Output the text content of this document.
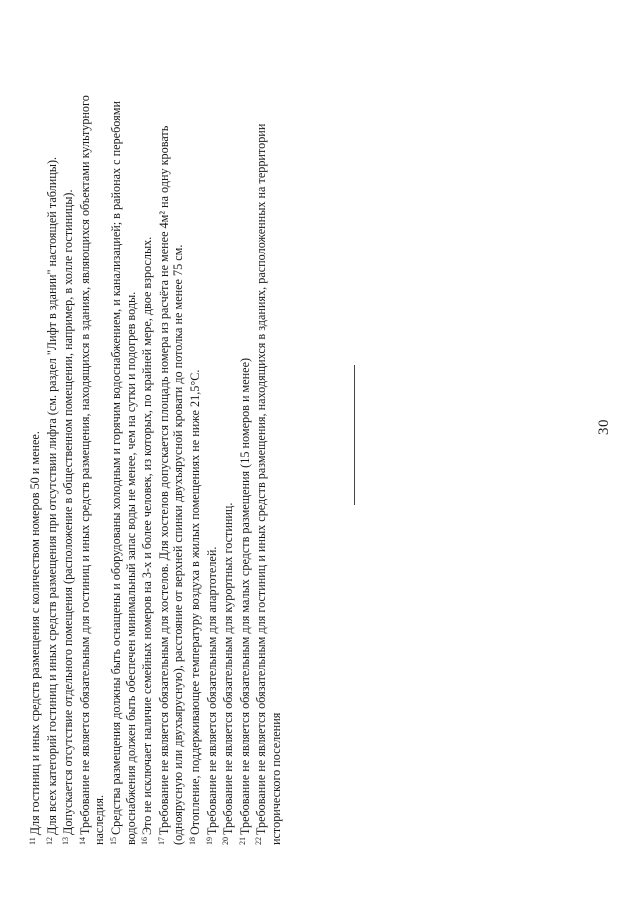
30

$^{11}$Для гостиниц и иных средств размещения с количеством номеров 50 и менее.

$^{12}$Для всех категорий гостиниц и иных средств размещения при отсутствии лифта (см. раздел "Лифт в здании" настоящей таблицы).

$^{13}$Допускается отсутствие отдельного помещения (расположение в общественном помещении, например, в холле гостиницы).

$^{14}$Требование не является обязательным для гостиниц и иных средств размещения, находящихся в зданиях, являющихся объектами культурного наследия. $^{15}$Средства размещения должны быть оснащены и оборудованы холодным и горячим водоснабжением, и канализацией; в районах с перебоями водоснабжения должен быть обеспечен минимальный запас воды не менее, чем на сутки и подогрев воды. $^{16}$Это не исключает наличие семейных номеров на 3-х и более человек, из которых, по крайней мере, двое взрослых.

$^{17}$Требование не является обязательным для хостелов. Для хостелов допускается площадь номера из расчёта не менее 4м² на одну кровать (одноярусную или двухъярусную), расстояние от верхней спинки двухъярусной кровати до потолка не менее 75 см. $^{18}$Отопление, поддерживающее температуру воздуха в жилых помещениях не ниже 21,5°С.

$^{19}$Требование не является обязательным для апартотелей.

$^{20}$Требование не является обязательным для курортных гостиниц.

$^{21}$Требование не является обязательным для малых средств размещения (15 номеров и менее)

$^{22}$Требование не является обязательным для гостиниц и иных средств размещения, находящихся в зданиях, расположенных на территории исторического поселения
